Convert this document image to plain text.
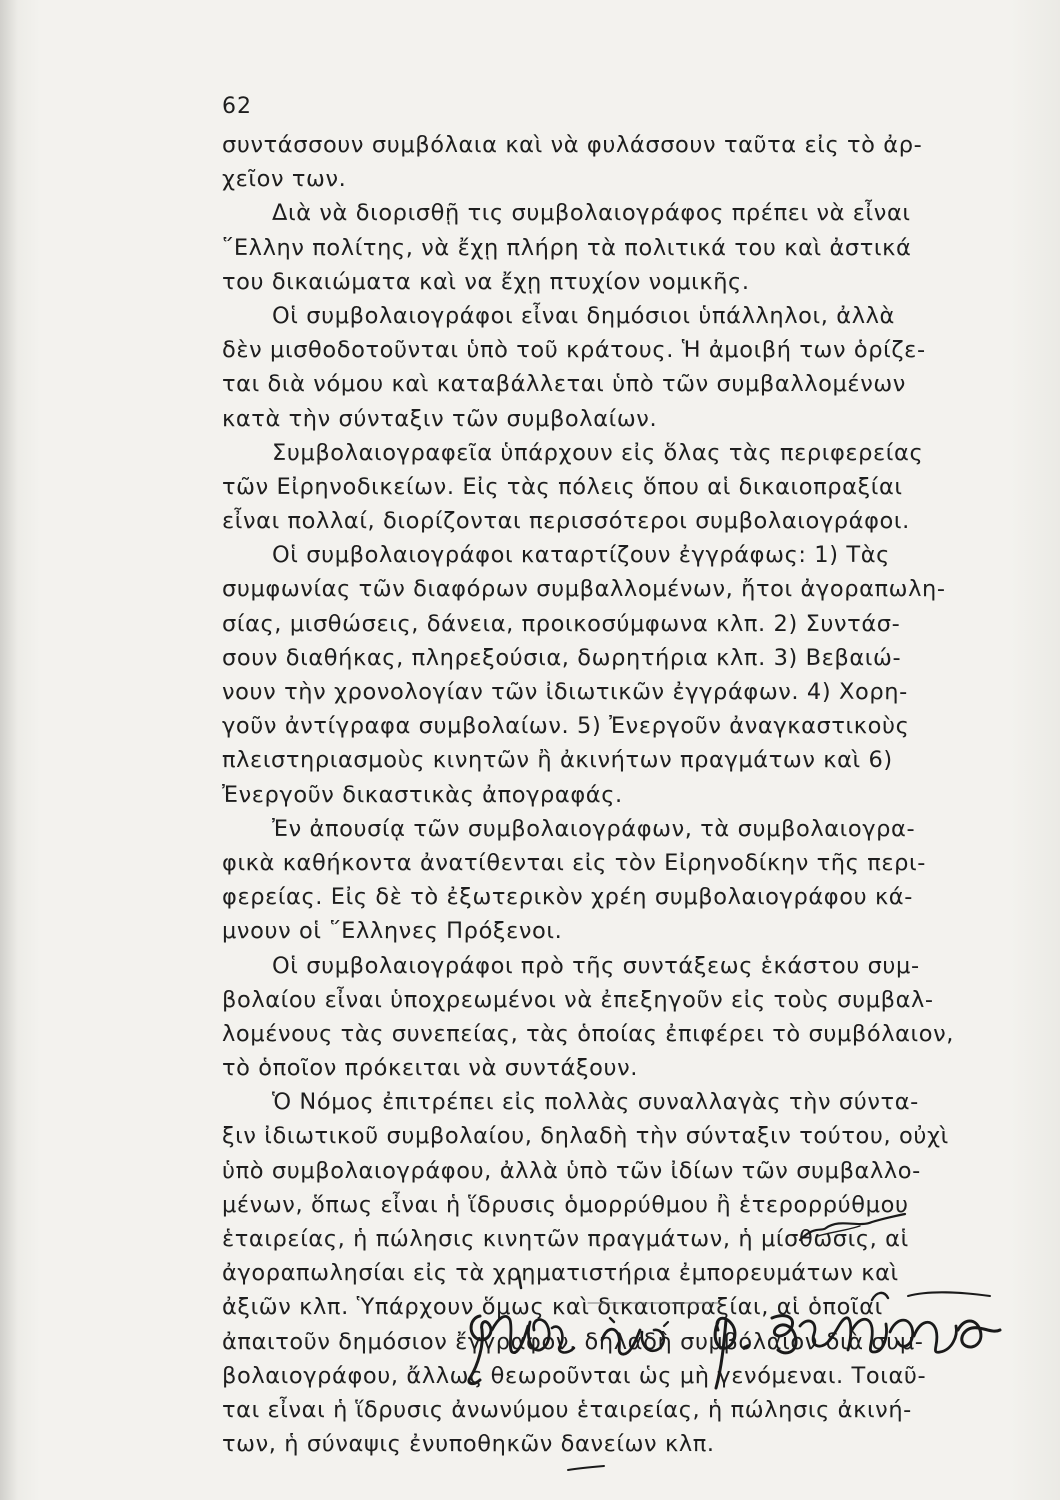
62
συντάσσουν συμβόλαια καὶ νὰ φυλάσσουν ταῦτα εἰς τὸ ἀρ-
χεῖον των.
Διὰ νὰ διορισθῇ τις συμβολαιογράφος πρέπει νὰ εἶναι
῞Ελλην πολίτης, νὰ ἔχῃ πλήρη τὰ πολιτικά του καὶ ἀστικά
του δικαιώματα καὶ να ἔχῃ πτυχίον νομικῆς.
Οἱ συμβολαιογράφοι εἶναι δημόσιοι ὑπάλληλοι, ἀλλὰ
δὲν μισθοδοτοῦνται ὑπὸ τοῦ κράτους. Ἡ ἀμοιβή των ὁρίζε-
ται διὰ νόμου καὶ καταβάλλεται ὑπὸ τῶν συμβαλλομένων
κατὰ τὴν σύνταξιν τῶν συμβολαίων.
Συμβολαιογραφεῖα ὑπάρχουν εἰς ὅλας τὰς περιφερείας
τῶν Εἰρηνοδικείων. Εἰς τὰς πόλεις ὅπου αἱ δικαιοπραξίαι
εἶναι πολλαί, διορίζονται περισσότεροι συμβολαιογράφοι.
Οἱ συμβολαιογράφοι καταρτίζουν ἐγγράφως: 1) Τὰς
συμφωνίας τῶν διαφόρων συμβαλλομένων, ἤτοι ἀγοραπωλη-
σίας, μισθώσεις, δάνεια, προικοσύμφωνα κλπ. 2) Συντάσ-
σουν διαθήκας, πληρεξούσια, δωρητήρια κλπ. 3) Βεβαιώ-
νουν τὴν χρονολογίαν τῶν ἰδιωτικῶν ἐγγράφων. 4) Χορη-
γοῦν ἀντίγραφα συμβολαίων. 5) Ἐνεργοῦν ἀναγκαστικοὺς
πλειστηριασμοὺς κινητῶν ἢ ἀκινήτων πραγμάτων καὶ 6)
Ἐνεργοῦν δικαστικὰς ἀπογραφάς.
Ἐν ἀπουσίᾳ τῶν συμβολαιογράφων, τὰ συμβολαιογρα-
φικὰ καθήκοντα ἀνατίθενται εἰς τὸν Εἰρηνοδίκην τῆς περι-
φερείας. Εἰς δὲ τὸ ἐξωτερικὸν χρέη συμβολαιογράφου κά-
μνουν οἱ ῞Ελληνες Πρόξενοι.
Οἱ συμβολαιογράφοι πρὸ τῆς συντάξεως ἑκάστου συμ-
βολαίου εἶναι ὑποχρεωμένοι νὰ ἐπεξηγοῦν εἰς τοὺς συμβαλ-
λομένους τὰς συνεπείας, τὰς ὁποίας ἐπιφέρει τὸ συμβόλαιον,
τὸ ὁποῖον πρόκειται νὰ συντάξουν.
Ὁ Νόμος ἐπιτρέπει εἰς πολλὰς συναλλαγὰς τὴν σύντα-
ξιν ἰδιωτικοῦ συμβολαίου, δηλαδὴ τὴν σύνταξιν τούτου, οὐχὶ
ὑπὸ συμβολαιογράφου, ἀλλὰ ὑπὸ τῶν ἰδίων τῶν συμβαλλο-
μένων, ὅπως εἶναι ἡ ἵδρυσις ὁμορρύθμου ἢ ἑτερορρύθμου
ἑταιρείας, ἡ πώλησις κινητῶν πραγμάτων, ἡ μίσθωσις, αἱ
ἀγοραπωλησίαι εἰς τὰ χρηματιστήρια ἐμπορευμάτων καὶ
ἀξιῶν κλπ. Ὑπάρχουν ὅμως καὶ δικαιοπραξίαι, αἱ ὁποῖαι
ἀπαιτοῦν δημόσιον ἔγγραφον, δηλαδὴ συμβόλαιον διὰ συμ-
βολαιογράφου, ἄλλως θεωροῦνται ὡς μὴ γενόμεναι. Τοιαῦ-
ται εἶναι ἡ ἵδρυσις ἀνωνύμου ἑταιρείας, ἡ πώλησις ἀκινή-
των, ἡ σύναψις ἐνυποθηκῶν δανείων κλπ.
